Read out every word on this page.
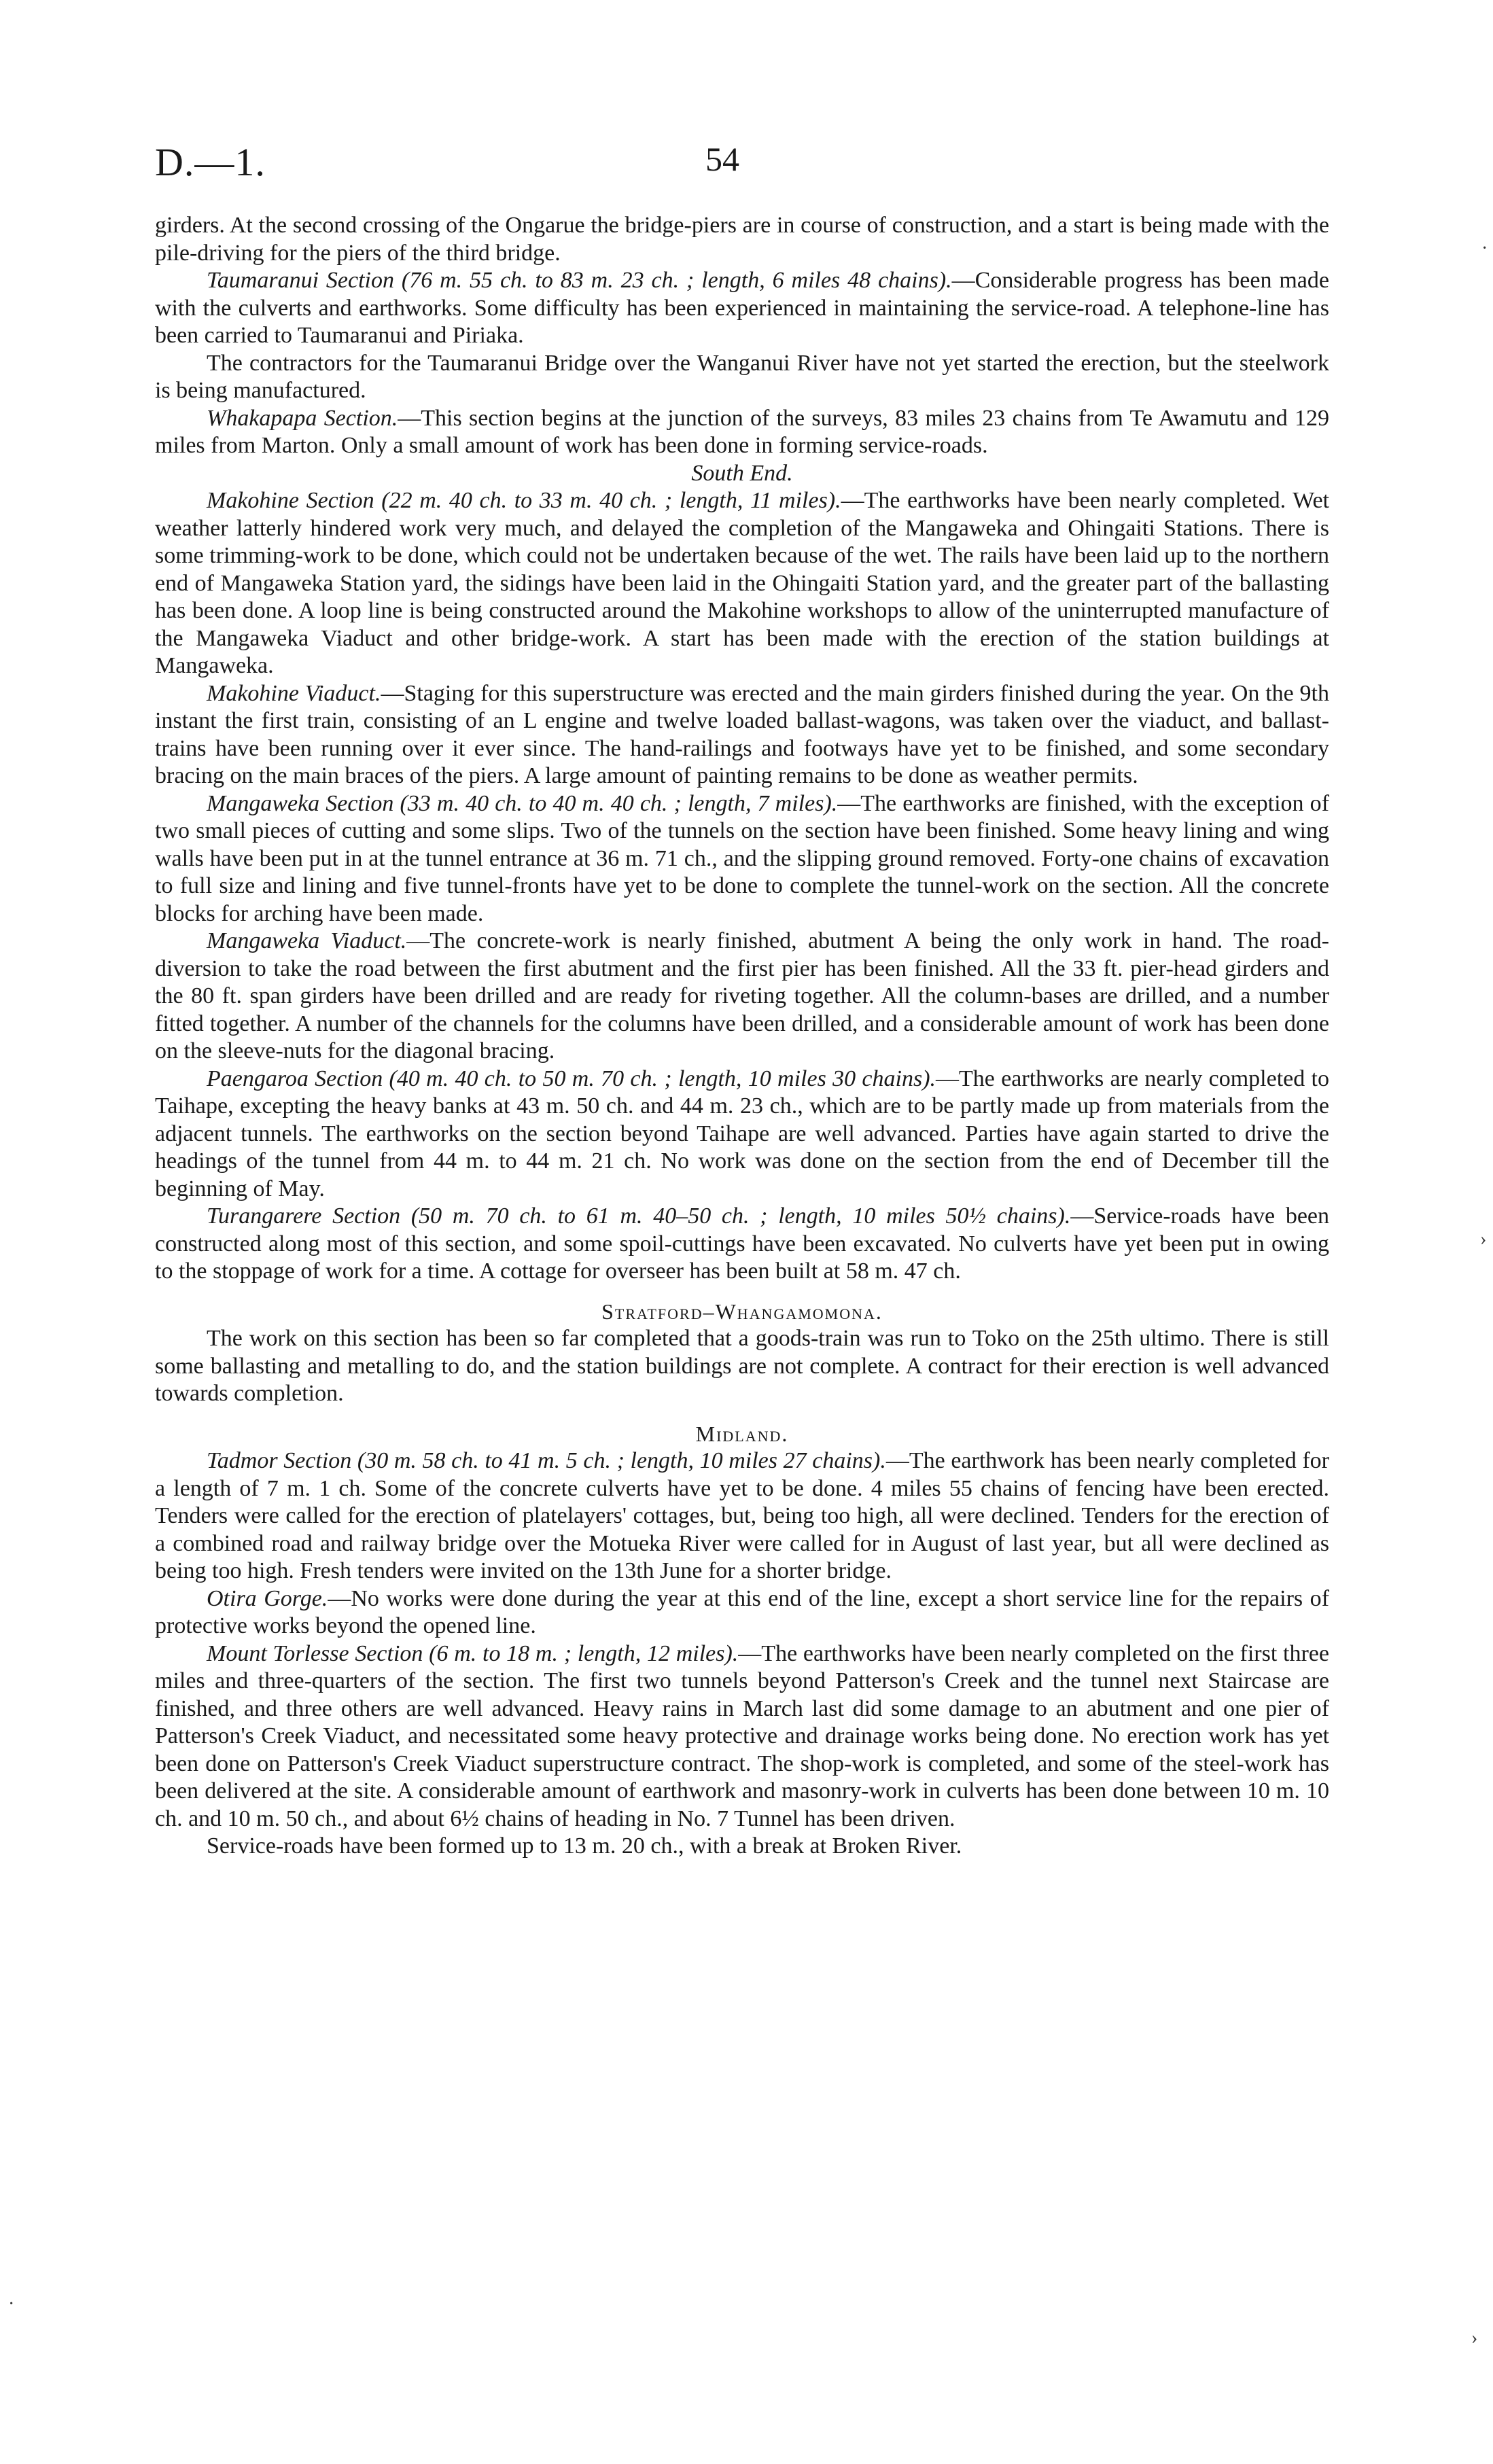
D.—1.	54

girders. At the second crossing of the Ongarue the bridge-piers are in course of construction, and a start is being made with the pile-driving for the piers of the third bridge.

Taumaranui Section (76 m. 55 ch. to 83 m. 23 ch. ; length, 6 miles 48 chains).—Considerable progress has been made with the culverts and earthworks. Some difficulty has been experienced in maintaining the service-road. A telephone-line has been carried to Taumaranui and Piriaka.

The contractors for the Taumaranui Bridge over the Wanganui River have not yet started the erection, but the steelwork is being manufactured.

Whakapapa Section.—This section begins at the junction of the surveys, 83 miles 23 chains from Te Awamutu and 129 miles from Marton. Only a small amount of work has been done in forming service-roads.

South End.

Makohine Section (22 m. 40 ch. to 33 m. 40 ch. ; length, 11 miles).—The earthworks have been nearly completed. Wet weather latterly hindered work very much, and delayed the completion of the Mangaweka and Ohingaiti Stations. There is some trimming-work to be done, which could not be undertaken because of the wet. The rails have been laid up to the northern end of Mangaweka Station yard, the sidings have been laid in the Ohingaiti Station yard, and the greater part of the ballasting has been done. A loop line is being constructed around the Makohine workshops to allow of the uninterrupted manufacture of the Mangaweka Viaduct and other bridge-work. A start has been made with the erection of the station buildings at Mangaweka.

Makohine Viaduct.—Staging for this superstructure was erected and the main girders finished during the year. On the 9th instant the first train, consisting of an L engine and twelve loaded ballast-wagons, was taken over the viaduct, and ballast-trains have been running over it ever since. The hand-railings and footways have yet to be finished, and some secondary bracing on the main braces of the piers. A large amount of painting remains to be done as weather permits.

Mangaweka Section (33 m. 40 ch. to 40 m. 40 ch. ; length, 7 miles).—The earthworks are finished, with the exception of two small pieces of cutting and some slips. Two of the tunnels on the section have been finished. Some heavy lining and wing walls have been put in at the tunnel entrance at 36 m. 71 ch., and the slipping ground removed. Forty-one chains of excavation to full size and lining and five tunnel-fronts have yet to be done to complete the tunnel-work on the section. All the concrete blocks for arching have been made.

Mangaweka Viaduct.—The concrete-work is nearly finished, abutment A being the only work in hand. The road-diversion to take the road between the first abutment and the first pier has been finished. All the 33 ft. pier-head girders and the 80 ft. span girders have been drilled and are ready for riveting together. All the column-bases are drilled, and a number fitted together. A number of the channels for the columns have been drilled, and a considerable amount of work has been done on the sleeve-nuts for the diagonal bracing.

Paengaroa Section (40 m. 40 ch. to 50 m. 70 ch. ; length, 10 miles 30 chains).—The earthworks are nearly completed to Taihape, excepting the heavy banks at 43 m. 50 ch. and 44 m. 23 ch., which are to be partly made up from materials from the adjacent tunnels. The earthworks on the section beyond Taihape are well advanced. Parties have again started to drive the headings of the tunnel from 44 m. to 44 m. 21 ch. No work was done on the section from the end of December till the beginning of May.

Turangarere Section (50 m. 70 ch. to 61 m. 40–50 ch. ; length, 10 miles 50½ chains).—Service-roads have been constructed along most of this section, and some spoil-cuttings have been excavated. No culverts have yet been put in owing to the stoppage of work for a time. A cottage for overseer has been built at 58 m. 47 ch.

Stratford–Whangamomona.

The work on this section has been so far completed that a goods-train was run to Toko on the 25th ultimo. There is still some ballasting and metalling to do, and the station buildings are not complete. A contract for their erection is well advanced towards completion.

Midland.

Tadmor Section (30 m. 58 ch. to 41 m. 5 ch. ; length, 10 miles 27 chains).—The earthwork has been nearly completed for a length of 7 m. 1 ch. Some of the concrete culverts have yet to be done. 4 miles 55 chains of fencing have been erected. Tenders were called for the erection of platelayers' cottages, but, being too high, all were declined. Tenders for the erection of a combined road and railway bridge over the Motueka River were called for in August of last year, but all were declined as being too high. Fresh tenders were invited on the 13th June for a shorter bridge.

Otira Gorge.—No works were done during the year at this end of the line, except a short service line for the repairs of protective works beyond the opened line.

Mount Torlesse Section (6 m. to 18 m. ; length, 12 miles).—The earthworks have been nearly completed on the first three miles and three-quarters of the section. The first two tunnels beyond Patterson's Creek and the tunnel next Staircase are finished, and three others are well advanced. Heavy rains in March last did some damage to an abutment and one pier of Patterson's Creek Viaduct, and necessitated some heavy protective and drainage works being done. No erection work has yet been done on Patterson's Creek Viaduct superstructure contract. The shop-work is completed, and some of the steel-work has been delivered at the site. A considerable amount of earthwork and masonry-work in culverts has been done between 10 m. 10 ch. and 10 m. 50 ch., and about 6½ chains of heading in No. 7 Tunnel has been driven.

Service-roads have been formed up to 13 m. 20 ch., with a break at Broken River.

·
›
›
·
